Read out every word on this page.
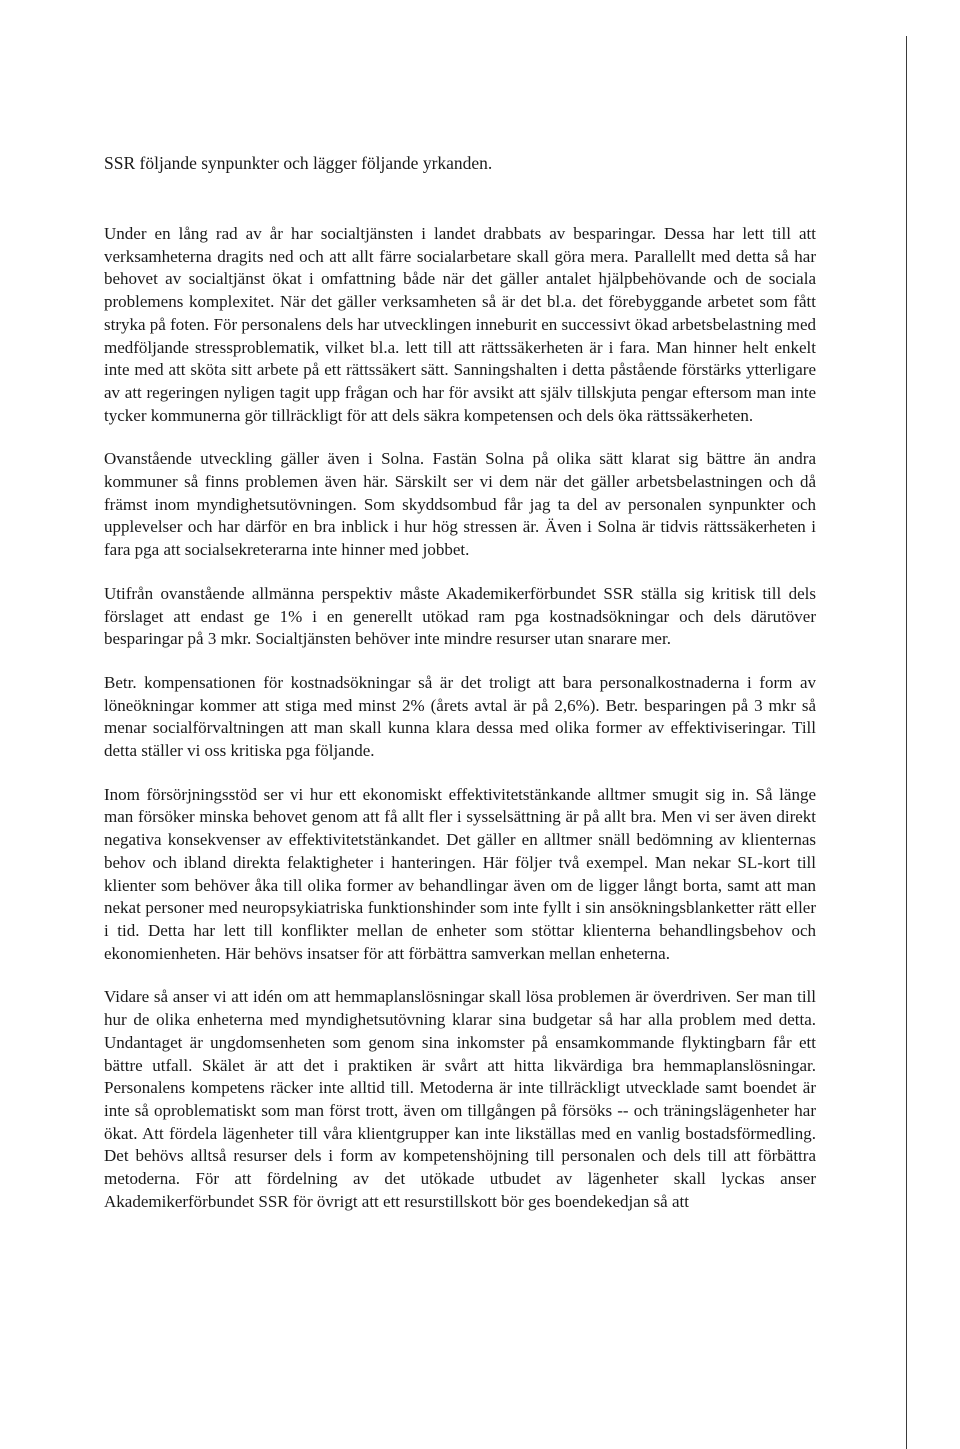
SSR följande synpunkter och lägger följande yrkanden.

Under en lång rad av år har socialtjänsten i landet drabbats av besparingar. Dessa har lett till att verksamheterna dragits ned och att allt färre socialarbetare skall göra mera. Parallellt med detta så har behovet av socialtjänst ökat i omfattning både när det gäller antalet hjälpbehövande och de sociala problemens komplexitet. När det gäller verksamheten så är det bl.a. det förebyggande arbetet som fått stryka på foten. För personalens dels har utvecklingen inneburit en successivt ökad arbetsbelastning med medföljande stressproblematik, vilket bl.a. lett till att rättssäkerheten är i fara. Man hinner helt enkelt inte med att sköta sitt arbete på ett rättssäkert sätt. Sanningshalten i detta påstående förstärks ytterligare av att regeringen nyligen tagit upp frågan och har för avsikt att själv tillskjuta pengar eftersom man inte tycker kommunerna gör tillräckligt för att dels säkra kompetensen och dels öka rättssäkerheten.

Ovanstående utveckling gäller även i Solna. Fastän Solna på olika sätt klarat sig bättre än andra kommuner så finns problemen även här. Särskilt ser vi dem när det gäller arbetsbelastningen och då främst inom myndighetsutövningen. Som skyddsombud får jag ta del av personalen synpunkter och upplevelser och har därför en bra inblick i hur hög stressen är. Även i Solna är tidvis rättssäkerheten i fara pga att socialsekreterarna inte hinner med jobbet.

Utifrån ovanstående allmänna perspektiv måste Akademikerförbundet SSR ställa sig kritisk till dels förslaget att endast ge 1% i en generellt utökad ram pga kostnadsökningar och dels därutöver besparingar på 3 mkr. Socialtjänsten behöver inte mindre resurser utan snarare mer.

Betr. kompensationen för kostnadsökningar så är det troligt att bara personalkostnaderna i form av löneökningar kommer att stiga med minst 2% (årets avtal är på 2,6%). Betr. besparingen på 3 mkr så menar socialförvaltningen att man skall kunna klara dessa med olika former av effektiviseringar. Till detta ställer vi oss kritiska pga följande.

Inom försörjningsstöd ser vi hur ett ekonomiskt effektivitetstänkande alltmer smugit sig in. Så länge man försöker minska behovet genom att få allt fler i sysselsättning är på allt bra. Men vi ser även direkt negativa konsekvenser av effektivitetstänkandet. Det gäller en alltmer snäll bedömning av klienternas behov och ibland direkta felaktigheter i hanteringen. Här följer två exempel. Man nekar SL-kort till klienter som behöver åka till olika former av behandlingar även om de ligger långt borta, samt att man nekat personer med neuropsykiatriska funktionshinder som inte fyllt i sin ansökningsblanketter rätt eller i tid. Detta har lett till konflikter mellan de enheter som stöttar klienterna behandlingsbehov och ekonomienheten. Här behövs insatser för att förbättra samverkan mellan enheterna.

Vidare så anser vi att idén om att hemmaplanslösningar skall lösa problemen är överdriven. Ser man till hur de olika enheterna med myndighetsutövning klarar sina budgetar så har alla problem med detta. Undantaget är ungdomsenheten som genom sina inkomster på ensamkommande flyktingbarn får ett bättre utfall. Skälet är att det i praktiken är svårt att hitta likvärdiga bra hemmaplanslösningar. Personalens kompetens räcker inte alltid till. Metoderna är inte tillräckligt utvecklade samt boendet är inte så oproblematiskt som man först trott, även om tillgången på försöks -- och träningslägenheter har ökat. Att fördela lägenheter till våra klientgrupper kan inte likställas med en vanlig bostadsförmedling. Det behövs alltså resurser dels i form av kompetenshöjning till personalen och dels till att förbättra metoderna. För att fördelning av det utökade utbudet av lägenheter skall lyckas anser Akademikerförbundet SSR för övrigt att ett resurstillskott bör ges boendekedjan så att
